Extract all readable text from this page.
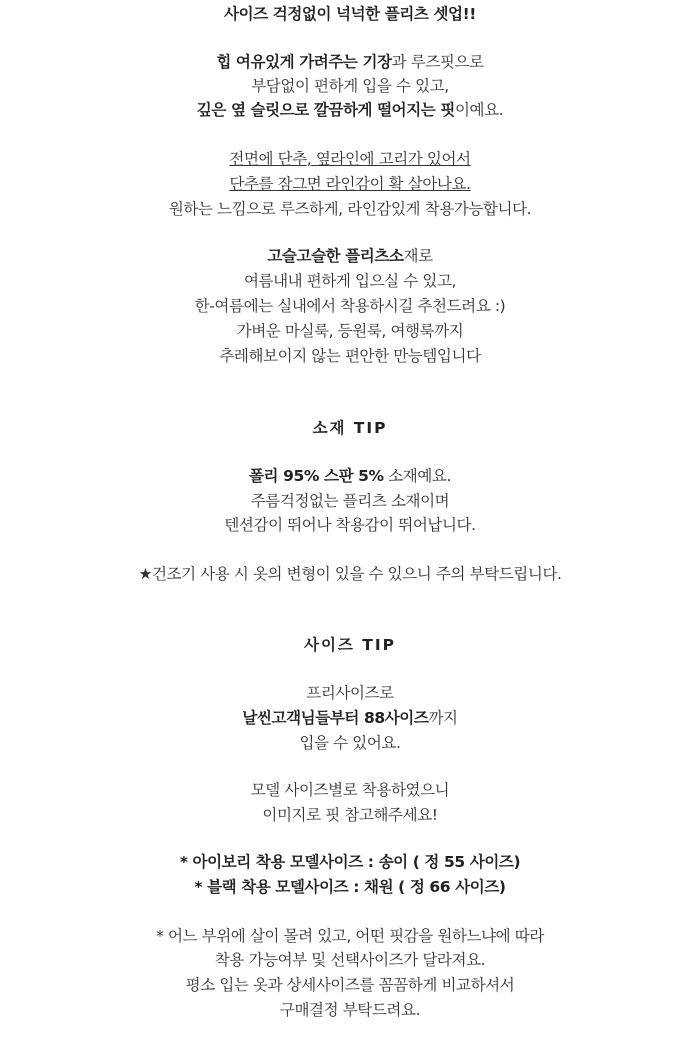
사이즈 걱정없이 넉넉한 플리츠 셋업!!
힙 여유있게 가려주는 기장과 루즈핏으로
부담없이 편하게 입을 수 있고,
깊은 옆 슬릿으로 깔끔하게 떨어지는 핏이예요.
전면에 단추, 옆라인에 고리가 있어서
단추를 잠그면 라인감이 확 살아나요.
원하는 느낌으로 루즈하게, 라인감있게 착용가능합니다.
고슬고슬한 플리츠소재로
여름내내 편하게 입으실 수 있고,
한-여름에는 실내에서 착용하시길 추천드려요 :)
가벼운 마실룩, 등원룩, 여행룩까지
추레해보이지 않는 편안한 만능템입니다
소재 TIP
폴리 95% 스판 5% 소재예요.
주름걱정없는 플리츠 소재이며
텐션감이 뛰어나 착용감이 뛰어납니다.
★건조기 사용 시 옷의 변형이 있을 수 있으니 주의 부탁드립니다.
사이즈 TIP
프리사이즈로
날씬고객님들부터 88사이즈까지
입을 수 있어요.
모델 사이즈별로 착용하였으니
이미지로 핏 참고해주세요!
* 아이보리 착용 모델사이즈 : 송이 ( 정 55 사이즈)
* 블랙 착용 모델사이즈 : 채원 ( 정 66 사이즈)
* 어느 부위에 살이 몰려 있고, 어떤 핏감을 원하느냐에 따라
착용 가능여부 및 선택사이즈가 달라져요.
평소 입는 옷과 상세사이즈를 꼼꼼하게 비교하셔서
구매결정 부탁드려요.
